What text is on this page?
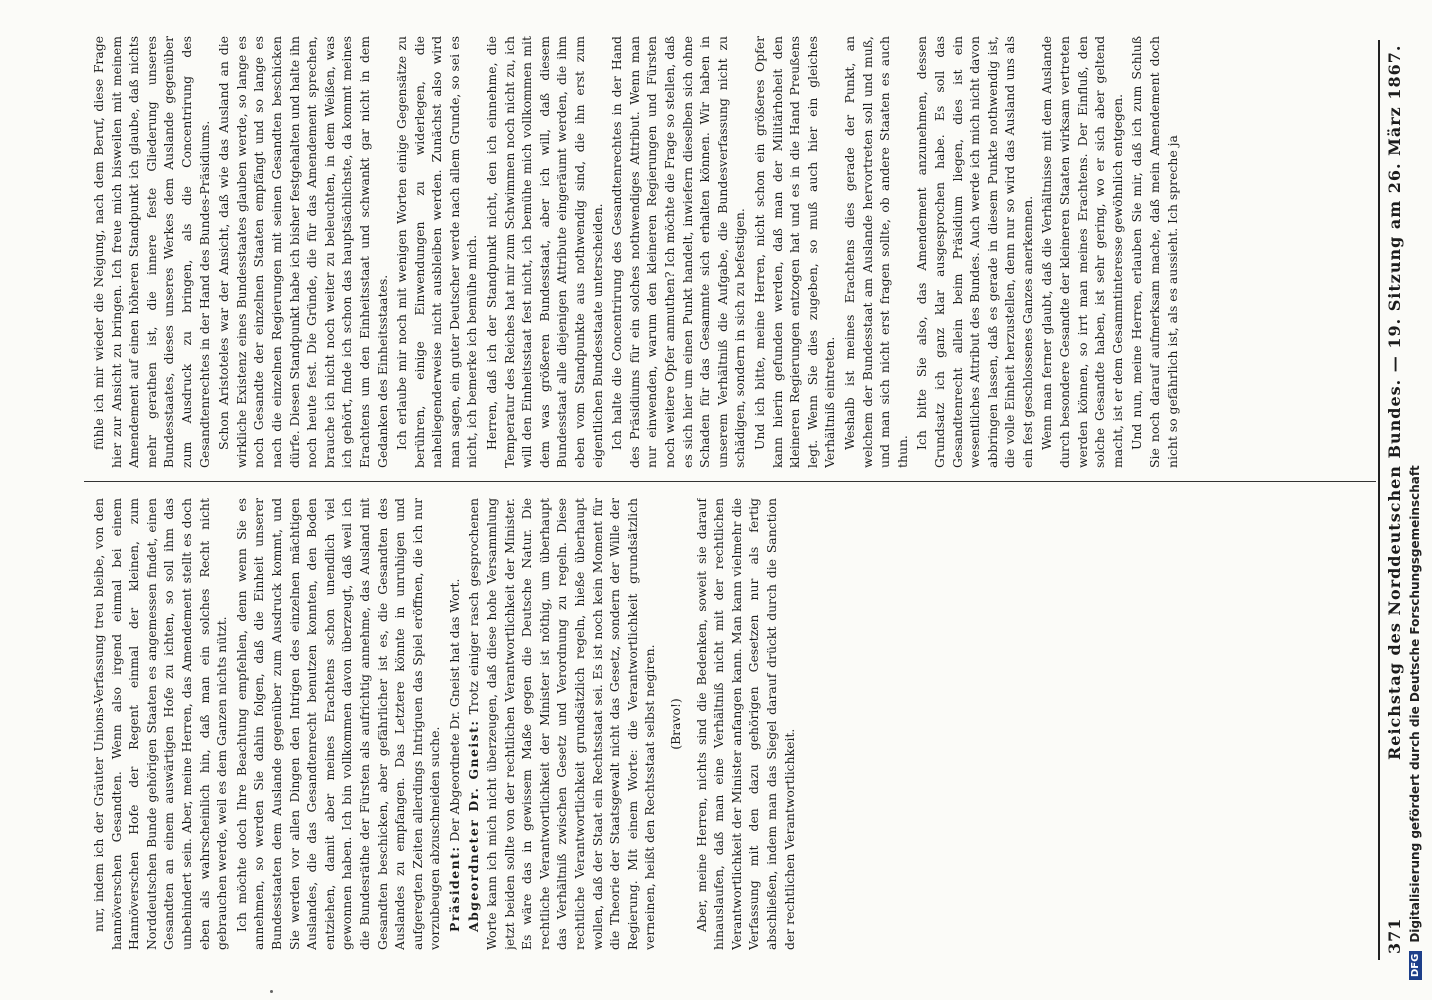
371
Reichstag des Norddeutschen Bundes. — 19. Sitzung am 26. März 1867.

nur, indem ich der Gräuter Unions-Verfassung treu bleibe, von den hannöverschen Gesandten. Wenn also irgend einmal bei einem Hannöverschen Hofe der Regent einmal der kleinen, zum Norddeutschen Bunde gehörigen Staaten es angemessen findet, einen Gesandten an einem auswärtigen Hofe zu ichten, so soll ihm das unbehindert sein. Aber, meine Herren, das Amendement stellt es doch eben als wahrscheinlich hin, daß man ein solches Recht nicht gebrauchen werde, weil es dem Ganzen nichts nützt. Ich möchte doch Ihre Beachtung empfehlen, denn wenn Sie es annehmen, so werden Sie dahin folgen, daß die Einheit unserer Bundesstaaten dem Auslande gegenüber zum Ausdruck kommt, und Sie werden vor allen Dingen den Intrigen des einzelnen mächtigen Auslandes, die das Gesandtenrecht benutzen konnten, den Boden entziehen, damit aber meines Erachtens schon unendlich viel gewonnen haben. Ich bin vollkommen davon überzeugt, daß weil ich die Bundesräthe der Fürsten als aufrichtig annehme, das Ausland mit Gesandten beschicken, aber gefährlicher ist es, die Gesandten des Auslandes zu empfangen. Das Letztere könnte in unruhigen und aufgeregten Zeiten allerdings Intriguen das Spiel eröffnen, die ich nur vorzubeugen abzuschneiden suche. Präsident: Der Abgeordnete Dr. Gneist hat das Wort. Abgeordneter Dr. Gneist: Trotz einiger rasch gesprochenen Worte kann ich mich nicht überzeugen, daß diese hohe Versammlung jetzt beiden sollte von der rechtlichen Verantwortlichkeit der Minister. Es wäre das in gewissem Maße gegen die Deutsche Natur. Die rechtliche Verantwortlichkeit der Minister ist nöthig, um überhaupt das Verhältniß zwischen Gesetz und Verordnung zu regeln. Diese rechtliche Verantwortlichkeit grundsätzlich regeln, hieße überhaupt wollen, daß der Staat ein Rechtsstaat sei. Es ist noch kein Moment für die Theorie der Staatsgewalt nicht das Gesetz, sondern der Wille der Regierung. Mit einem Worte: die Verantwortlichkeit grundsätzlich verneinen, heißt den Rechtsstaat selbst negiren. (Bravo!) Aber, meine Herren, nichts sind die Bedenken, soweit sie darauf hinauslaufen, daß man eine Verhältniß nicht mit der rechtlichen Verantwortlichkeit der Minister anfangen kann. Man kann vielmehr die Verfassung mit den dazu gehörigen Gesetzen nur als fertig abschließen, indem man das Siegel darauf drückt durch die Sanction der rechtlichen Verantwortlichkeit.

fühle ich mir wieder die Neigung, nach dem Beruf, diese Frage hier zur Ansicht zu bringen. Ich freue mich bisweilen mit meinem Amendement auf einen höheren Standpunkt ich glaube, daß nichts mehr gerathen ist, die innere feste Gliederung unseres Bundesstaates, dieses unseres Werkes dem Auslande gegenüber zum Ausdruck zu bringen, als die Concentrirung des Gesandtenrechtes in der Hand des Bundes-Präsidiums. Schon Aristoteles war der Ansicht, daß wie das Ausland an die wirkliche Existenz eines Bundesstaates glauben werde, so lange es noch Gesandte der einzelnen Staaten empfängt und so lange es nach die einzelnen Regierungen mit seinen Gesandten beschicken dürfe. Diesen Standpunkt habe ich bisher festgehalten und halte ihn noch heute fest. Die Gründe, die für das Amendement sprechen, brauche ich nicht noch weiter zu beleuchten, in dem Weißen, was ich gehört, finde ich schon das hauptsächlichste, da kommt meines Erachtens um den Einheitsstaat und schwankt gar nicht in dem Gedanken des Einheitsstaates. Ich erlaube mir noch mit wenigen Worten einige Gegensätze zu berühren, einige Einwendungen zu widerlegen, die naheliegenderweise nicht ausbleiben werden. Zunächst also wird man sagen, ein guter Deutscher werde nach allem Grunde, so sei es nicht, ich bemerke ich bemühe mich. Herren, daß ich der Standpunkt nicht, den ich einnehme, die Temperatur des Reiches hat mir zum Schwimmen noch nicht zu, ich will den Einheitsstaat fest nicht, ich bemühe mich vollkommen mit dem was größeren Bundesstaat, aber ich will, daß diesem Bundesstaat alle diejenigen Attribute eingeräumt werden, die ihm eben vom Standpunkte aus nothwendig sind, die ihn erst zum eigentlichen Bundesstaate unterscheiden. Ich halte die Concentrirung des Gesandtenrechtes in der Hand des Präsidiums für ein solches nothwendiges Attribut. Wenn man nur einwenden, warum den kleineren Regierungen und Fürsten noch weitere Opfer anmuthen? Ich möchte die Frage so stellen, daß es sich hier um einen Punkt handelt, inwiefern dieselben sich ohne Schaden für das Gesammte sich erhalten können. Wir haben in unserem Verhältniß die Aufgabe, die Bundesverfassung nicht zu schädigen, sondern in sich zu befestigen. Und ich bitte, meine Herren, nicht schon ein größeres Opfer kann hierin gefunden werden, daß man der Militärhoheit den kleineren Regierungen entzogen hat und es in die Hand Preußens legt. Wenn Sie dies zugeben, so muß auch hier ein gleiches Verhältniß eintreten. Weshalb ist meines Erachtens dies gerade der Punkt, an welchem der Bundesstaat am Auslande hervortreten soll und muß, und man sich nicht erst fragen sollte, ob andere Staaten es auch thun.

Ich bitte Sie also, das Amendement anzunehmen, dessen Grundsatz ich ganz klar ausgesprochen habe. Es soll das Gesandtenrecht allein beim Präsidium liegen, dies ist ein wesentliches Attribut des Bundes. Auch werde ich mich nicht davon abbringen lassen, daß es gerade in diesem Punkte nothwendig ist, die volle Einheit herzustellen, denn nur so wird das Ausland uns als ein fest geschlossenes Ganzes anerkennen. Wenn man ferner glaubt, daß die Verhältnisse mit dem Auslande durch besondere Gesandte der kleineren Staaten wirksam vertreten werden können, so irrt man meines Erachtens. Der Einfluß, den solche Gesandte haben, ist sehr gering, wo er sich aber geltend macht, ist er dem Gesammtinteresse gewöhnlich entgegen. Und nun, meine Herren, erlauben Sie mir, daß ich zum Schluß Sie noch darauf aufmerksam mache, daß mein Amendement doch nicht so gefährlich ist, als es aussieht. Ich spreche ja

DFG
Digitalisierung gefördert durch die Deutsche Forschungsgemeinschaft
